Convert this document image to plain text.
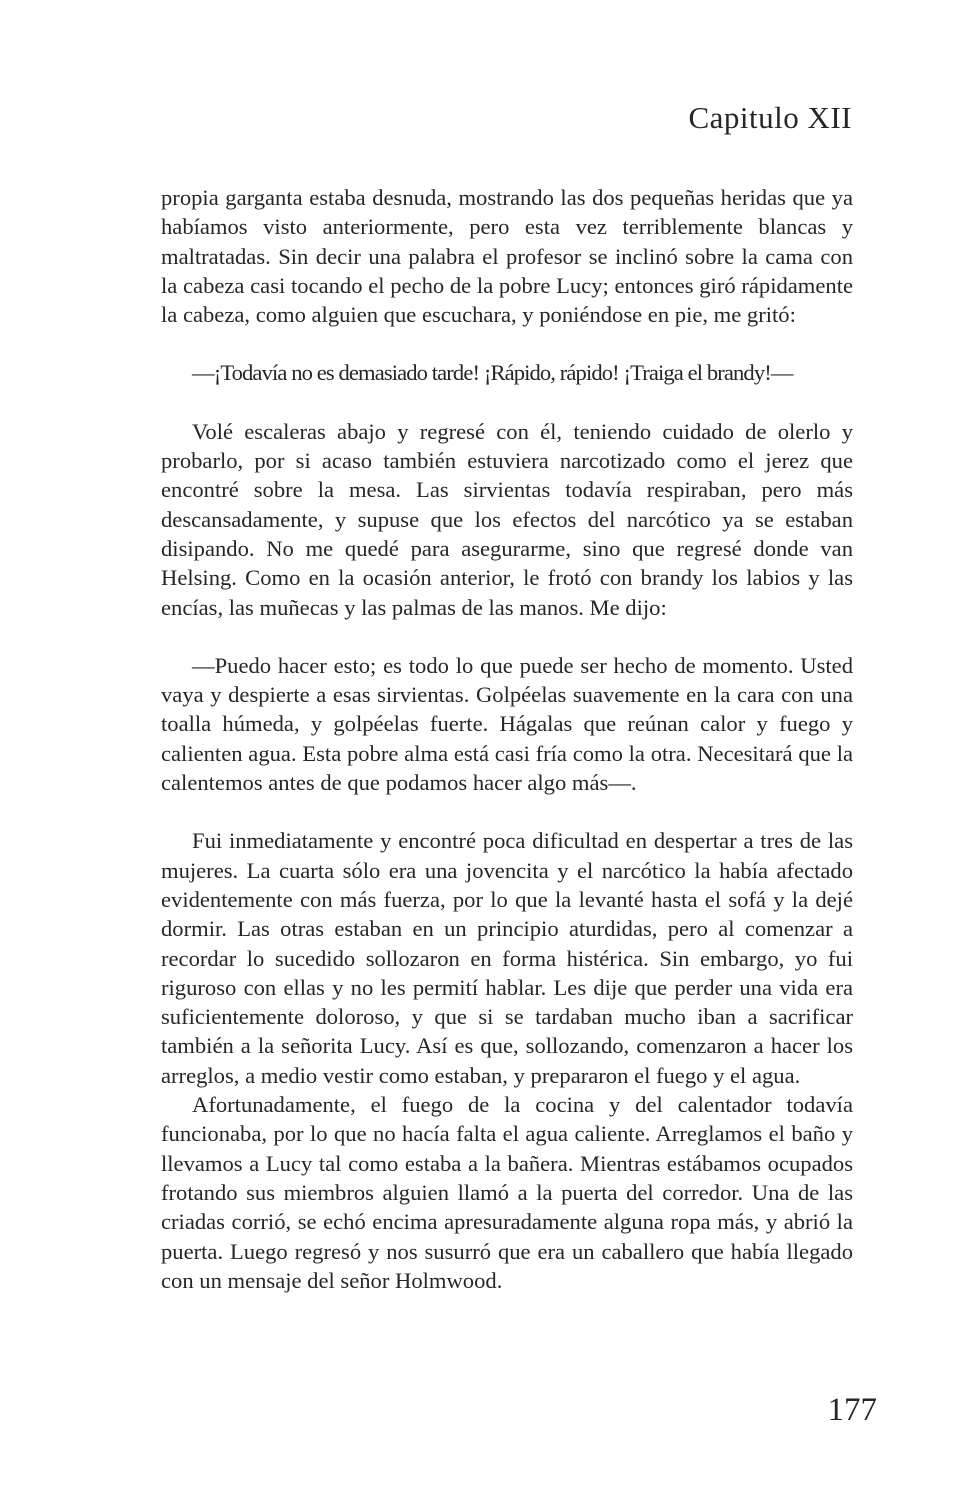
Capitulo XII

propia garganta estaba desnuda, mostrando las dos pequeñas heridas que ya habíamos visto anteriormente, pero esta vez terriblemente blancas y maltratadas. Sin decir una palabra el profesor se inclinó sobre la cama con la cabeza casi tocando el pecho de la pobre Lucy; entonces giró rápidamente la cabeza, como alguien que escuchara, y poniéndose en pie, me gritó:

—¡Todavía no es demasiado tarde! ¡Rápido, rápido! ¡Traiga el brandy!—

Volé escaleras abajo y regresé con él, teniendo cuidado de olerlo y probarlo, por si acaso también estuviera narcotizado como el jerez que encontré sobre la mesa. Las sirvientas todavía respiraban, pero más descansadamente, y supuse que los efectos del narcótico ya se estaban disipando. No me quedé para asegurarme, sino que regresé donde van Helsing. Como en la ocasión anterior, le frotó con brandy los labios y las encías, las muñecas y las palmas de las manos. Me dijo:

—Puedo hacer esto; es todo lo que puede ser hecho de momento. Usted vaya y despierte a esas sirvientas. Golpéelas suavemente en la cara con una toalla húmeda, y golpéelas fuerte. Hágalas que reúnan calor y fuego y calienten agua. Esta pobre alma está casi fría como la otra. Necesitará que la calentemos antes de que podamos hacer algo más—.

Fui inmediatamente y encontré poca dificultad en despertar a tres de las mujeres. La cuarta sólo era una jovencita y el narcótico la había afectado evidentemente con más fuerza, por lo que la levanté hasta el sofá y la dejé dormir. Las otras estaban en un principio aturdidas, pero al comenzar a recordar lo sucedido sollozaron en forma histérica. Sin embargo, yo fui riguroso con ellas y no les permití hablar. Les dije que perder una vida era suficientemente doloroso, y que si se tardaban mucho iban a sacrificar también a la señorita Lucy. Así es que, sollozando, comenzaron a hacer los arreglos, a medio vestir como estaban, y prepararon el fuego y el agua.

Afortunadamente, el fuego de la cocina y del calentador todavía funcionaba, por lo que no hacía falta el agua caliente. Arreglamos el baño y llevamos a Lucy tal como estaba a la bañera. Mientras estábamos ocupados frotando sus miembros alguien llamó a la puerta del corredor. Una de las criadas corrió, se echó encima apresuradamente alguna ropa más, y abrió la puerta. Luego regresó y nos susurró que era un caballero que había llegado con un mensaje del señor Holmwood.

177
